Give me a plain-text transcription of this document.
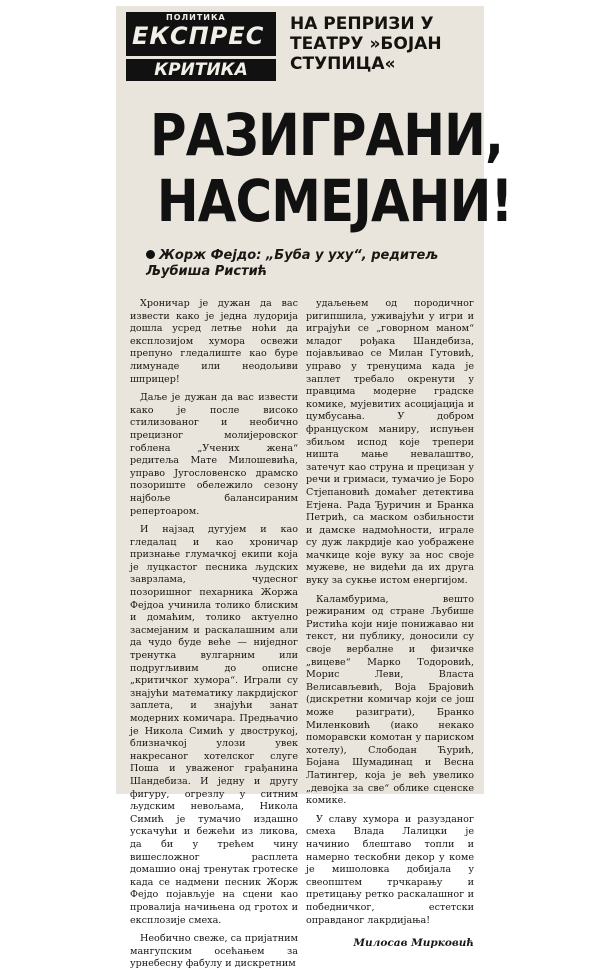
ПОЛИТИКА
ЕКСПРЕС
КРИТИКА
НА РЕПРИЗИ У ТЕАТРУ »БОЈАН СТУПИЦА«
РАЗИГРАНИ,
НАСМЕЈАНИ!
Жорж Фејдо: „Буба у уху“, редитељ Љубиша Ристић

Хроничар је дужан да вас извести како је једна лудорија дошла усред летње ноћи да експлозијом хумора освежи препуно гледалиште као буре лимунаде или неодољиви шприцер!

Даље је дужан да вас извести како је после високо стилизованог и необично прецизног молијеровског гоблена „Учених жена“ редитеља Мате Милошевића, управо Југословенско драмско позориште обележило сезону најбоље балансираним репертоаром.

И најзад дугујем и као гледалац и као хроничар признање глумачкој екипи која је луцкастог песника људских заврзлама, чудесног позоришног пехарника Жоржа Фејдоа учинила толико блиским и домаћим, толико актуелно засмејаним и раскалашним али да чудо буде веће — ниједног тренутка вулгарним или подругљивим до описне „критичког хумора“. Играли су знајући математику лакрдијског заплета, и знајући занат модерних комичара. Предњачио је Никола Симић у двострукој, близначкој улози увек накресаног хотелског слуге Поша и уваженог грађанина Шандебиза. И једну и другу фигуру, огрезлу у ситним људским невољама, Никола Симић је тумачио издашно ускачући и бежећи из ликова, да би у трећем чину вишесложног расплета домашио онај тренутак гротеске када се надмени песник Жорж Фејдо појављује на сцени као провалија начињена од гротох и експлозије смеха.

Необично свеже, са пријатним мангупским осећањем за урнебесну фабулу и дискретним

удаљењем од породичног ригипшила, уживајући у игри и играјући се „говорном маном“ младог рођака Шандебиза, појављивао се Милан Гутовић, управо у тренуцима када је заплет требало окренути у правцима модерне градске комике, мујевитих асоцијација и цумбусања. У добром француском маниру, испуњен збиљом испод које трепери ништа мање невалаштво, затечут као струна и прецизан у речи и гримаси, тумачио је Боро Стјепановић домаћег детектива Етјена. Рада Ђуричин и Бранка Петрић, са маском озбиљности и дамске надмоћности, играле су дуж лакрдије као уображене мачкице које вуку за нос своје мужеве, не видећи да их друга вуку за сукње истом енергијом.

Каламбурима, вешто режираним од стране Љубише Ристића који није понижавао ни текст, ни публику, доносили су своје вербалне и физичке „вицеве“ Марко Тодоровић, Морис Леви, Власта Велисављевић, Воја Брајовић (дискретни комичар који се још може разиграти), Бранко Миленковић (иако некако поморавски комотан у париском хотелу), Слободан Ћурић, Бојана Шумадинац и Весна Латингер, која је већ увелико „девојка за све“ облике сценске комике.

У славу хумора и разузданог смеха Влада Лалицки је начинио блештаво топли и намерно тескобни декор у коме је мишоловка добијала у свеопштем трчкарању и претицању ретко раскалашног и победничког, естетски оправданог лакрдијања!

Милосав Мирковић
